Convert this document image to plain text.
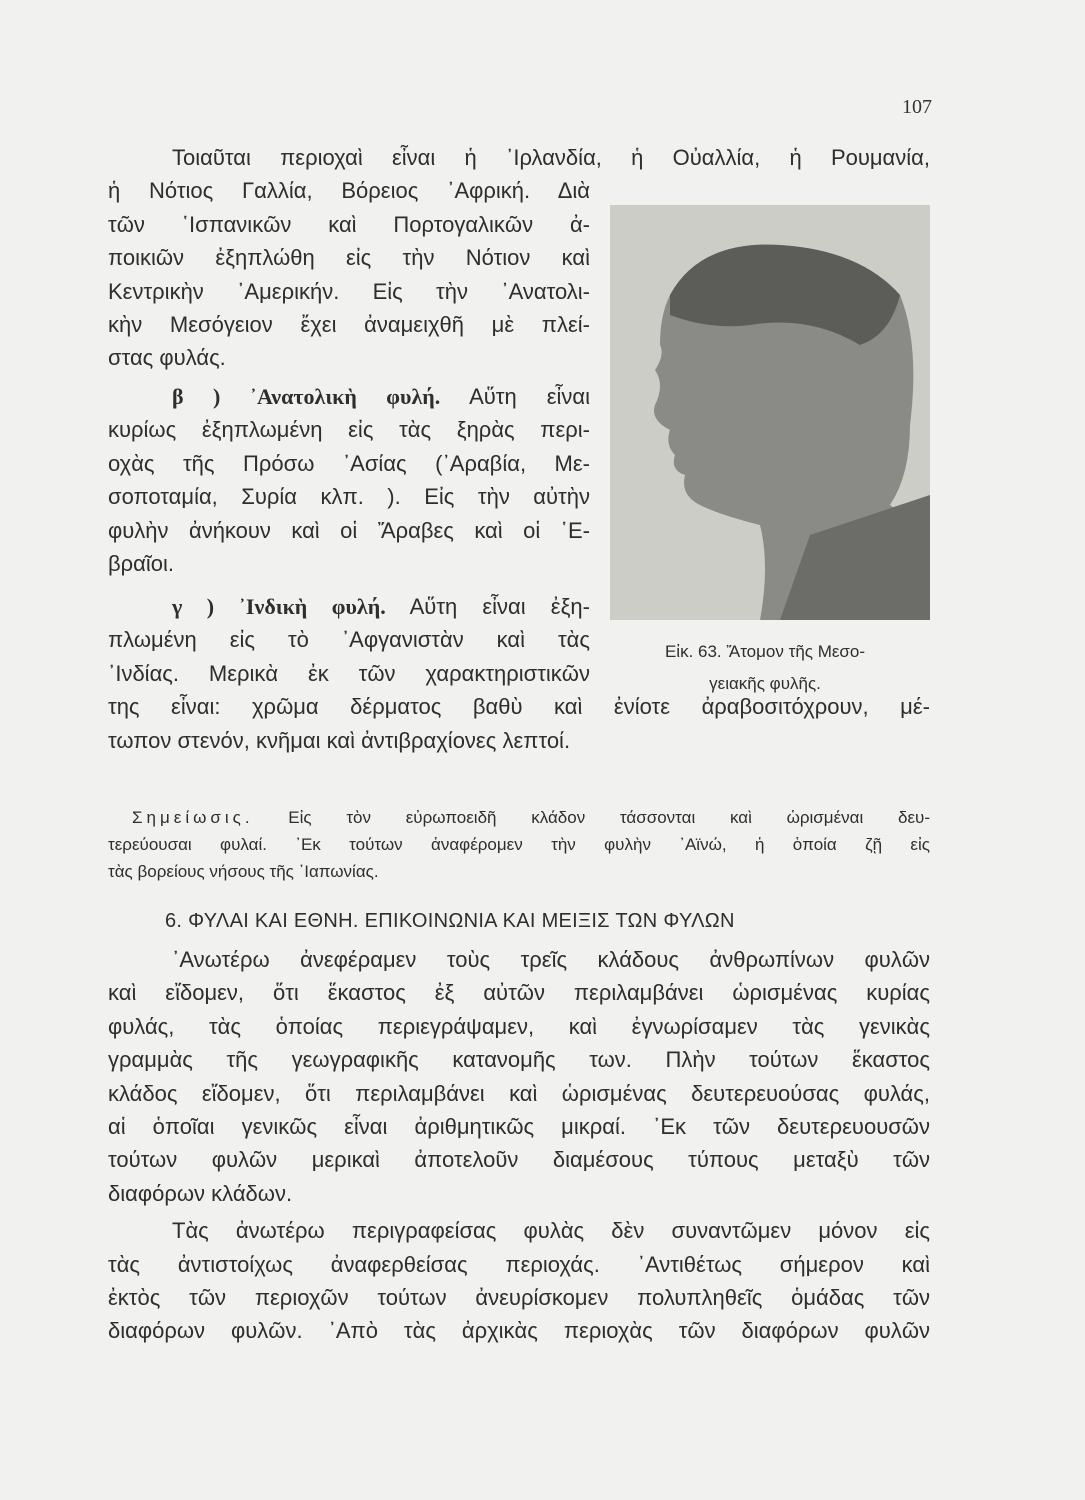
107
Τοιαῦται περιοχαὶ εἶναι ἡ ᾿Ιρλανδία, ἡ Οὐαλλία, ἡ Ρουμανία,
ἡ Νότιος Γαλλία, Βόρειος ᾿Αφρική. Διὰ
τῶν ῾Ισπανικῶν καὶ Πορτογαλικῶν ἀ-
ποικιῶν ἐξηπλώθη εἰς τὴν Νότιον καὶ
Κεντρικὴν ᾿Αμερικήν. Εἰς τὴν ᾿Ανατολι-
κὴν Μεσόγειον ἔχει ἀναμειχθῆ μὲ πλεί-
στας φυλάς.
β ) ᾿Ανατολικὴ φυλή. Αὕτη εἶναι
κυρίως ἐξηπλωμένη εἰς τὰς ξηρὰς περι-
οχὰς τῆς Πρόσω ᾿Ασίας (᾿Αραβία, Με-
σοποταμία, Συρία κλπ. ). Εἰς τὴν αὐτὴν
φυλὴν ἀνήκουν καὶ οἱ Ἄραβες καὶ οἱ ῾Ε-
βραῖοι.
γ ) ᾿Ινδικὴ φυλή. Αὕτη εἶναι ἐξη-
πλωμένη εἰς τὸ ᾿Αφγανιστὰν καὶ τὰς
᾿Ινδίας. Μερικὰ ἐκ τῶν χαρακτηριστικῶν
της εἶναι: χρῶμα δέρματος βαθὺ καὶ ἐνίοτε ἀραβοσιτόχρουν, μέ-
τωπον στενόν, κνῆμαι καὶ ἀντιβραχίονες λεπτοί.
Εἰκ. 63. Ἄτομον τῆς Μεσο-
γειακῆς φυλῆς.
Σημείωσις. Εἰς τὸν εὐρωποειδῆ κλάδον τάσσονται καὶ ὡρισμέναι δευ-
τερεύουσαι φυλαί. ᾿Εκ τούτων ἀναφέρομεν τὴν φυλὴν ᾿Αϊνώ, ἡ ὁποία ζῇ εἰς
τὰς βορείους νήσους τῆς ᾿Ιαπωνίας.
6. ΦΥΛΑΙ ΚΑΙ ΕΘΝΗ. ΕΠΙΚΟΙΝΩΝΙΑ ΚΑΙ ΜΕΙΞΙΣ ΤΩΝ ΦΥΛΩΝ
᾿Ανωτέρω ἀνεφέραμεν τοὺς τρεῖς κλάδους ἀνθρωπίνων φυλῶν
καὶ εἴδομεν, ὅτι ἕκαστος ἐξ αὐτῶν περιλαμβάνει ὡρισμένας κυρίας
φυλάς, τὰς ὁποίας περιεγράψαμεν, καὶ ἐγνωρίσαμεν τὰς γενικὰς
γραμμὰς τῆς γεωγραφικῆς κατανομῆς των. Πλὴν τούτων ἕκαστος
κλάδος εἴδομεν, ὅτι περιλαμβάνει καὶ ὡρισμένας δευτερευούσας φυλάς,
αἱ ὁποῖαι γενικῶς εἶναι ἀριθμητικῶς μικραί. ᾿Εκ τῶν δευτερευουσῶν
τούτων φυλῶν μερικαὶ ἀποτελοῦν διαμέσους τύπους μεταξὺ τῶν
διαφόρων κλάδων.
Τὰς ἀνωτέρω περιγραφείσας φυλὰς δὲν συναντῶμεν μόνον εἰς
τὰς ἀντιστοίχως ἀναφερθείσας περιοχάς. ᾿Αντιθέτως σήμερον καὶ
ἐκτὸς τῶν περιοχῶν τούτων ἀνευρίσκομεν πολυπληθεῖς ὁμάδας τῶν
διαφόρων φυλῶν. ᾿Απὸ τὰς ἀρχικὰς περιοχὰς τῶν διαφόρων φυλῶν
